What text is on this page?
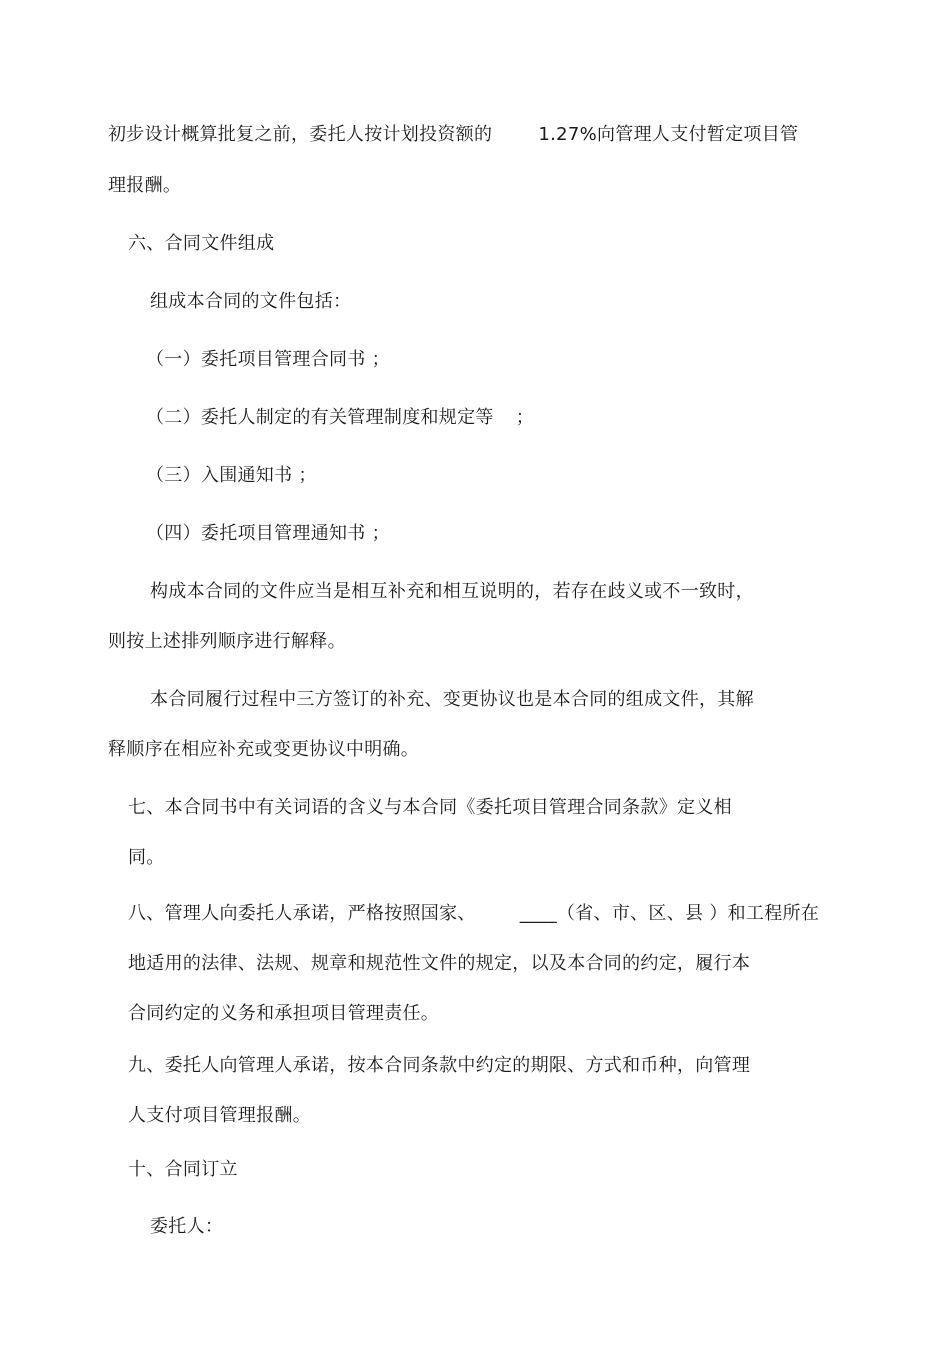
初步设计概算批复之前，委托人按计划投资额的	1.27%向管理人支付暂定项目管
理报酬。
六、合同文件组成
组成本合同的文件包括：
（一）委托项目管理合同书 ；
（二）委托人制定的有关管理制度和规定等 ；
（三）入围通知书 ；
（四）委托项目管理通知书 ；
构成本合同的文件应当是相互补充和相互说明的，若存在歧义或不一致时，
则按上述排列顺序进行解释。
本合同履行过程中三方签订的补充、变更协议也是本合同的组成文件，其解
释顺序在相应补充或变更协议中明确。
七、本合同书中有关词语的含义与本合同《委托项目管理合同条款》定义相
同。
八、管理人向委托人承诺，严格按照国家、 ____（省、市、区、县 ）和工程所在
地适用的法律、法规、规章和规范性文件的规定，以及本合同的约定，履行本
合同约定的义务和承担项目管理责任。
九、委托人向管理人承诺，按本合同条款中约定的期限、方式和币种，向管理
人支付项目管理报酬。
十、合同订立
委托人：
